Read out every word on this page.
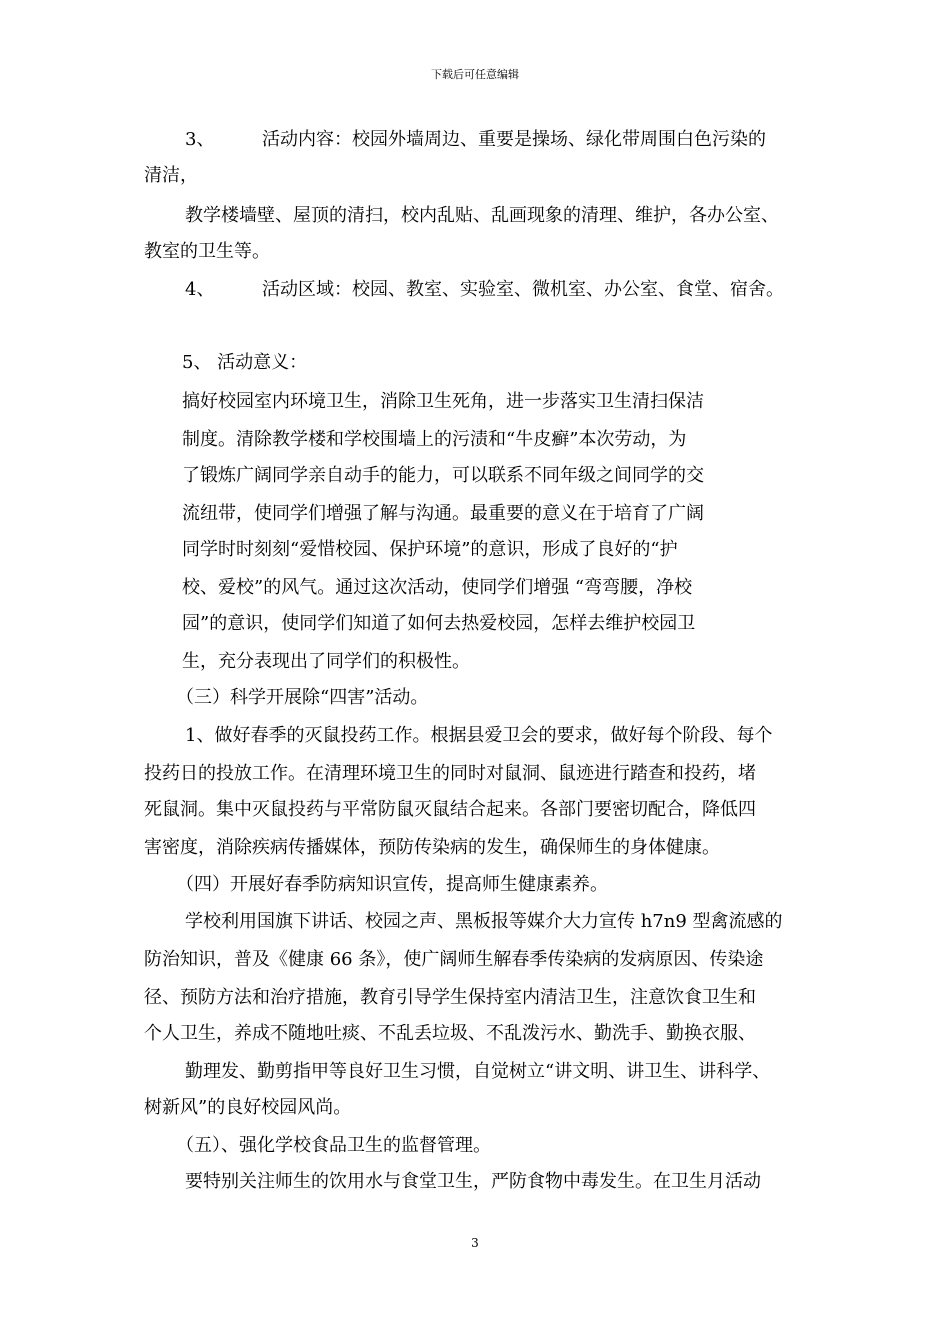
下载后可任意编辑
3、	活动内容：校园外墙周边、重要是操场、绿化带周围白色污染的
清洁，
教学楼墙壁、屋顶的清扫，校内乱贴、乱画现象的清理、维护，各办公室、
教室的卫生等。
4、	活动区域：校园、教室、实验室、微机室、办公室、食堂、宿舍。
5、 活动意义：
搞好校园室内环境卫生，消除卫生死角，进一步落实卫生清扫保洁
制度。清除教学楼和学校围墙上的污渍和“牛皮癣”本次劳动，为
了锻炼广阔同学亲自动手的能力，可以联系不同年级之间同学的交
流纽带，使同学们增强了解与沟通。最重要的意义在于培育了广阔
同学时时刻刻“爱惜校园、保护环境”的意识，形成了良好的“护
校、爱校”的风气。通过这次活动，使同学们增强 “弯弯腰，净校
园”的意识，使同学们知道了如何去热爱校园，怎样去维护校园卫
生，充分表现出了同学们的积极性。
（三）科学开展除“四害”活动。
1、做好春季的灭鼠投药工作。根据县爱卫会的要求，做好每个阶段、每个
投药日的投放工作。在清理环境卫生的同时对鼠洞、鼠迹进行踏查和投药，堵
死鼠洞。集中灭鼠投药与平常防鼠灭鼠结合起来。各部门要密切配合，降低四
害密度，消除疾病传播媒体，预防传染病的发生，确保师生的身体健康。
（四）开展好春季防病知识宣传，提高师生健康素养。
学校利用国旗下讲话、校园之声、黑板报等媒介大力宣传 h7n9 型禽流感的
防治知识，普及《健康 66 条》，使广阔师生解春季传染病的发病原因、传染途
径、预防方法和治疗措施，教育引导学生保持室内清洁卫生，注意饮食卫生和
个人卫生，养成不随地吐痰、不乱丢垃圾、不乱泼污水、勤洗手、勤换衣服、
勤理发、勤剪指甲等良好卫生习惯，自觉树立“讲文明、讲卫生、讲科学、
树新风”的良好校园风尚。
（五）、强化学校食品卫生的监督管理。
要特别关注师生的饮用水与食堂卫生，严防食物中毒发生。在卫生月活动
3
